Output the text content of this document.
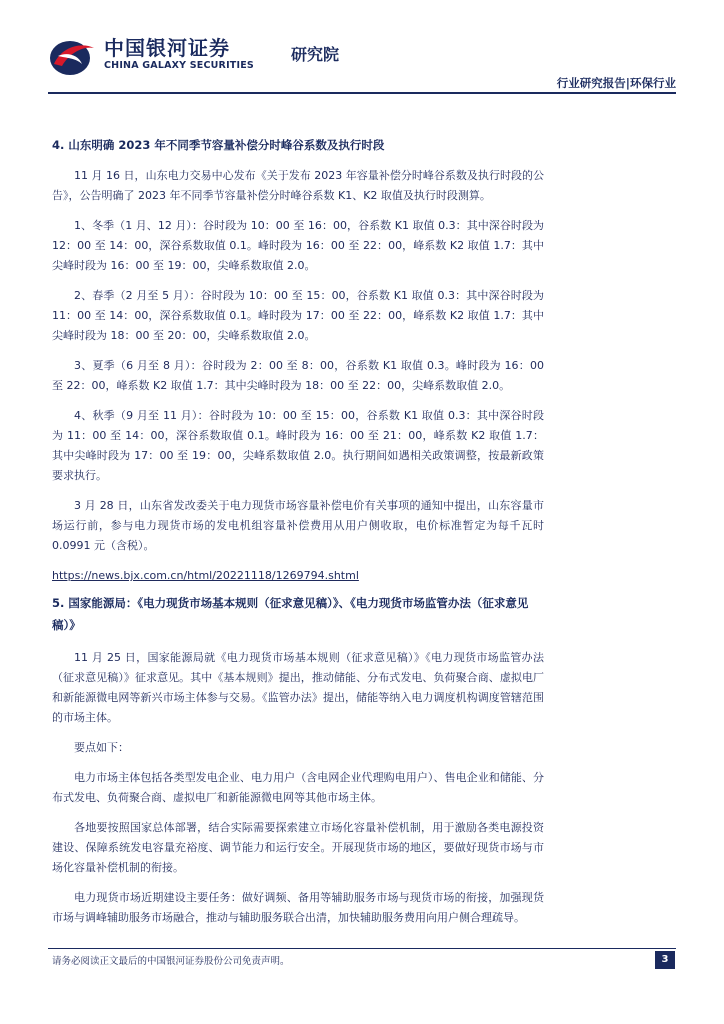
中国银河证券
CHINA GALAXY SECURITIES
研究院
行业研究报告|环保行业
4. 山东明确 2023 年不同季节容量补偿分时峰谷系数及执行时段

11 月 16 日，山东电力交易中心发布《关于发布 2023 年容量补偿分时峰谷系数及执行时段的公告》，公告明确了 2023 年不同季节容量补偿分时峰谷系数 K1、K2 取值及执行时段测算。

1、冬季（1 月、12 月）：谷时段为 10：00 至 16：00，谷系数 K1 取值 0.3：其中深谷时段为 12：00 至 14：00，深谷系数取值 0.1。峰时段为 16：00 至 22：00，峰系数 K2 取值 1.7：其中尖峰时段为 16：00 至 19：00，尖峰系数取值 2.0。

2、春季（2 月至 5 月）：谷时段为 10：00 至 15：00，谷系数 K1 取值 0.3：其中深谷时段为 11：00 至 14：00，深谷系数取值 0.1。峰时段为 17：00 至 22：00，峰系数 K2 取值 1.7：其中尖峰时段为 18：00 至 20：00，尖峰系数取值 2.0。

3、夏季（6 月至 8 月）：谷时段为 2：00 至 8：00，谷系数 K1 取值 0.3。峰时段为 16：00 至 22：00，峰系数 K2 取值 1.7：其中尖峰时段为 18：00 至 22：00，尖峰系数取值 2.0。

4、秋季（9 月至 11 月）：谷时段为 10：00 至 15：00，谷系数 K1 取值 0.3：其中深谷时段为 11：00 至 14：00，深谷系数取值 0.1。峰时段为 16：00 至 21：00，峰系数 K2 取值 1.7：其中尖峰时段为 17：00 至 19：00，尖峰系数取值 2.0。执行期间如遇相关政策调整，按最新政策要求执行。

3 月 28 日，山东省发改委关于电力现货市场容量补偿电价有关事项的通知中提出，山东容量市场运行前，参与电力现货市场的发电机组容量补偿费用从用户侧收取，电价标准暂定为每千瓦时 0.0991 元（含税）。

https://news.bjx.com.cn/html/20221118/1269794.shtml
5. 国家能源局：《电力现货市场基本规则（征求意见稿）》、《电力现货市场监管办法（征求意见稿）》

11 月 25 日，国家能源局就《电力现货市场基本规则（征求意见稿）》《电力现货市场监管办法（征求意见稿）》征求意见。其中《基本规则》提出，推动储能、分布式发电、负荷聚合商、虚拟电厂和新能源微电网等新兴市场主体参与交易。《监管办法》提出，储能等纳入电力调度机构调度管辖范围的市场主体。

要点如下：

电力市场主体包括各类型发电企业、电力用户（含电网企业代理购电用户）、售电企业和储能、分布式发电、负荷聚合商、虚拟电厂和新能源微电网等其他市场主体。

各地要按照国家总体部署，结合实际需要探索建立市场化容量补偿机制，用于激励各类电源投资建设、保障系统发电容量充裕度、调节能力和运行安全。开展现货市场的地区，要做好现货市场与市场化容量补偿机制的衔接。

电力现货市场近期建设主要任务：做好调频、备用等辅助服务市场与现货市场的衔接，加强现货市场与调峰辅助服务市场融合，推动与辅助服务联合出清，加快辅助服务费用向用户侧合理疏导。

请务必阅读正文最后的中国银河证券股份公司免责声明。	3
